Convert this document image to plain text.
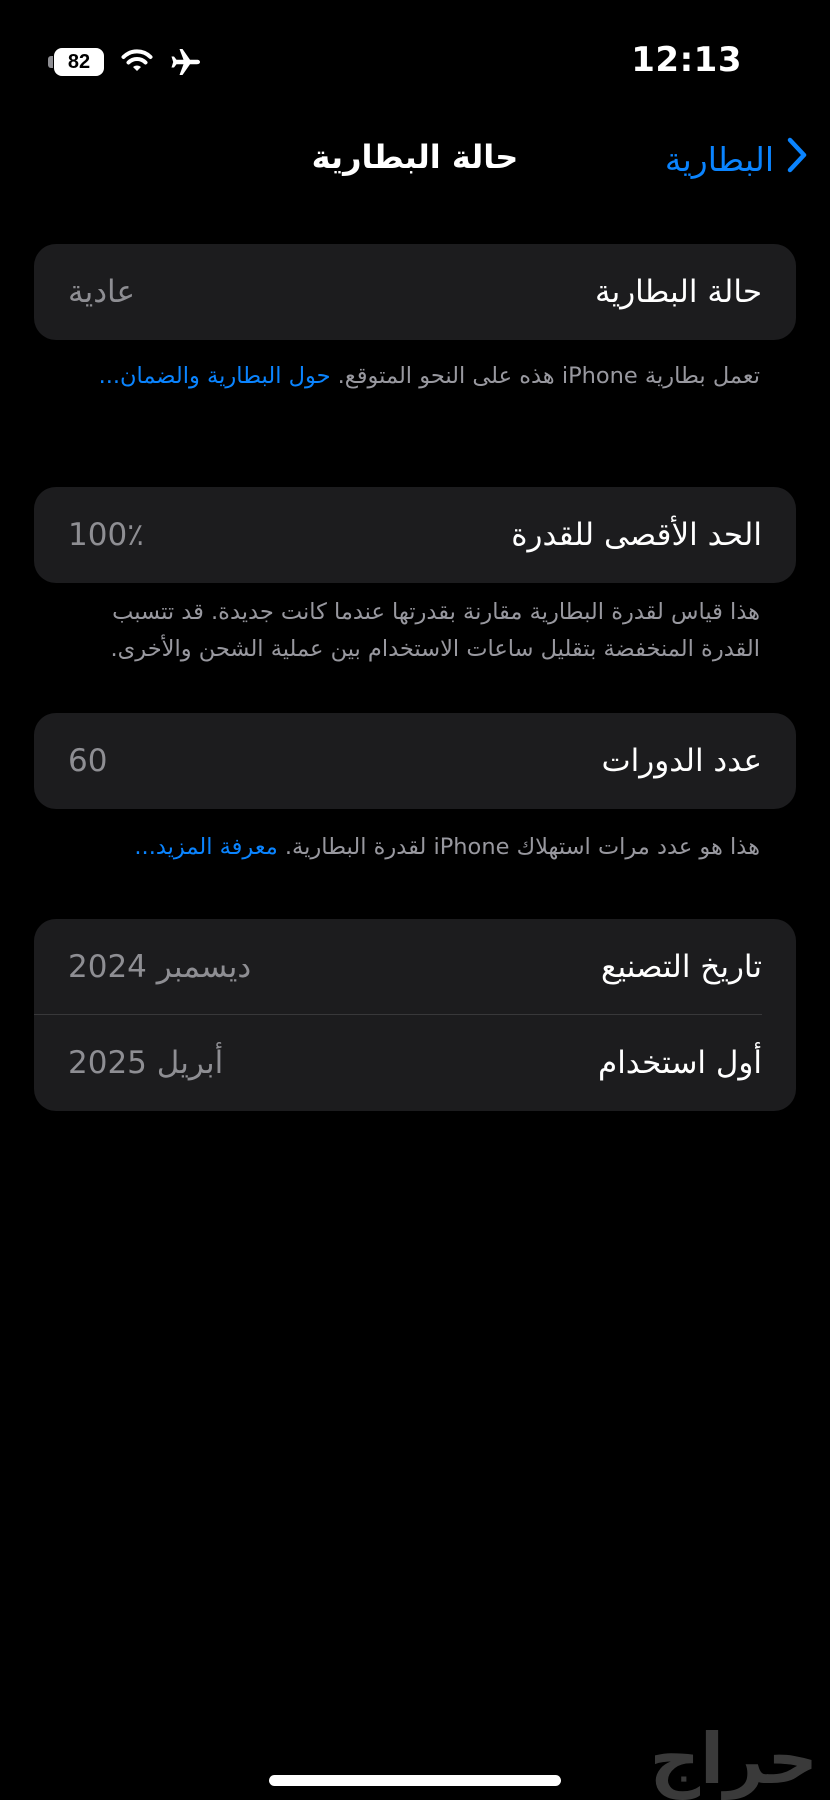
82	12:13
حالة البطارية	البطارية
حالة البطارية
عادية
تعمل بطارية iPhone هذه على النحو المتوقع. حول البطارية والضمان...
الحد الأقصى للقدرة
100٪
هذا قياس لقدرة البطارية مقارنة بقدرتها عندما كانت جديدة. قد تتسبب القدرة المنخفضة بتقليل ساعات الاستخدام بين عملية الشحن والأخرى.
عدد الدورات
60
هذا هو عدد مرات استهلاك iPhone لقدرة البطارية. معرفة المزيد...
تاريخ التصنيع
ديسمبر 2024
أول استخدام
أبريل 2025
حراج
